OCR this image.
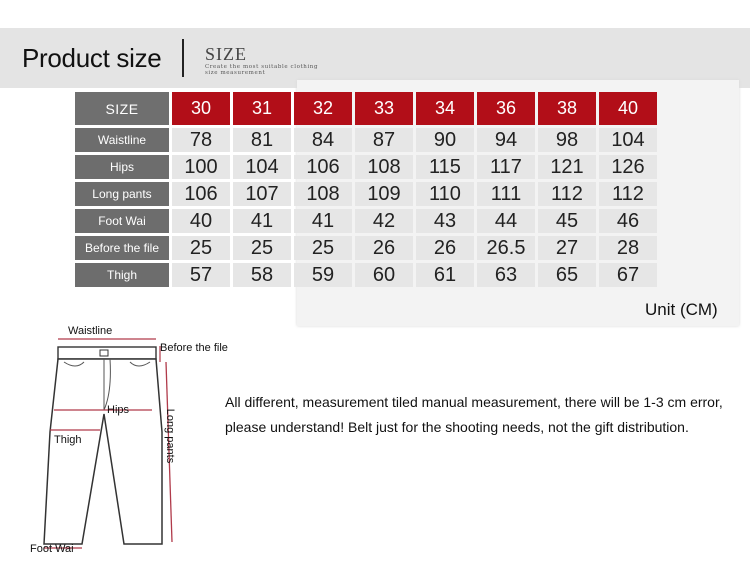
Product size SIZE
Create the most suitable clothing
size measurement
SIZE	30	31	32	33	34	36	38	40
Waistline	78	81	84	87	90	94	98	104
Hips	100	104	106	108	115	117	121	126
Long pants	106	107	108	109	110	111	112	112
Foot Wai	40	41	41	42	43	44	45	46
Before the file	25	25	25	26	26	26.5	27	28
Thigh	57	58	59	60	61	63	65	67
Unit (CM)
Waistline
Before the file
Hips
Thigh	Long pants
Foot Wai
All different, measurement tiled manual measurement, there will be 1-3 cm error, please understand! Belt just for the shooting needs, not the gift distribution.
